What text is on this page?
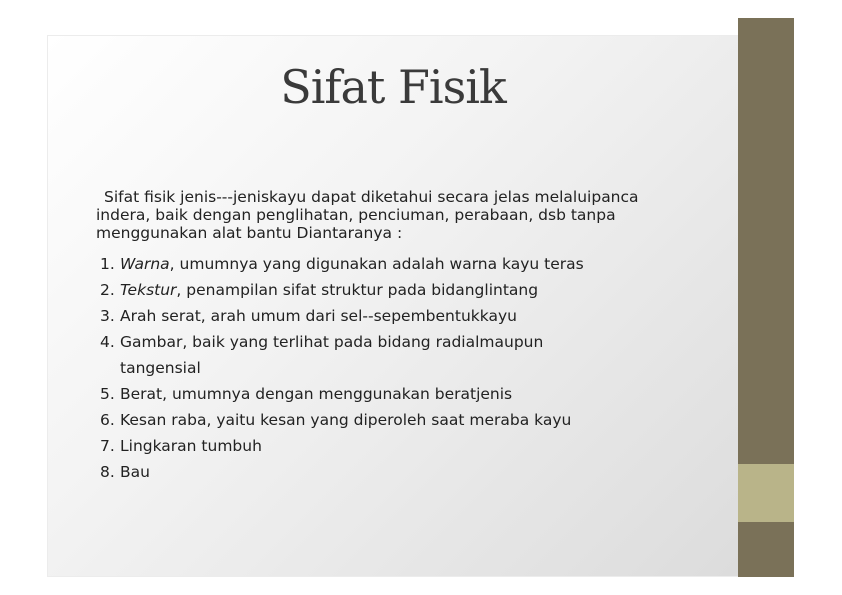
Sifat Fisik

Sifat fisik jenis‑‑‑jeniskayu dapat diketahui secara jelas melaluipanca
indera, baik dengan penglihatan, penciuman, perabaan, dsb tanpa
menggunakan alat bantu Diantaranya :

1. Warna, umumnya yang digunakan adalah warna kayu teras
2. Tekstur, penampilan sifat struktur pada bidanglintang
3. Arah serat, arah umum dari sel‑‑sepembentukkayu
4. Gambar, baik yang terlihat pada bidang radialmaupun
tangensial
5. Berat, umumnya dengan menggunakan beratjenis
6. Kesan raba, yaitu kesan yang diperoleh saat meraba kayu
7. Lingkaran tumbuh
8. Bau
